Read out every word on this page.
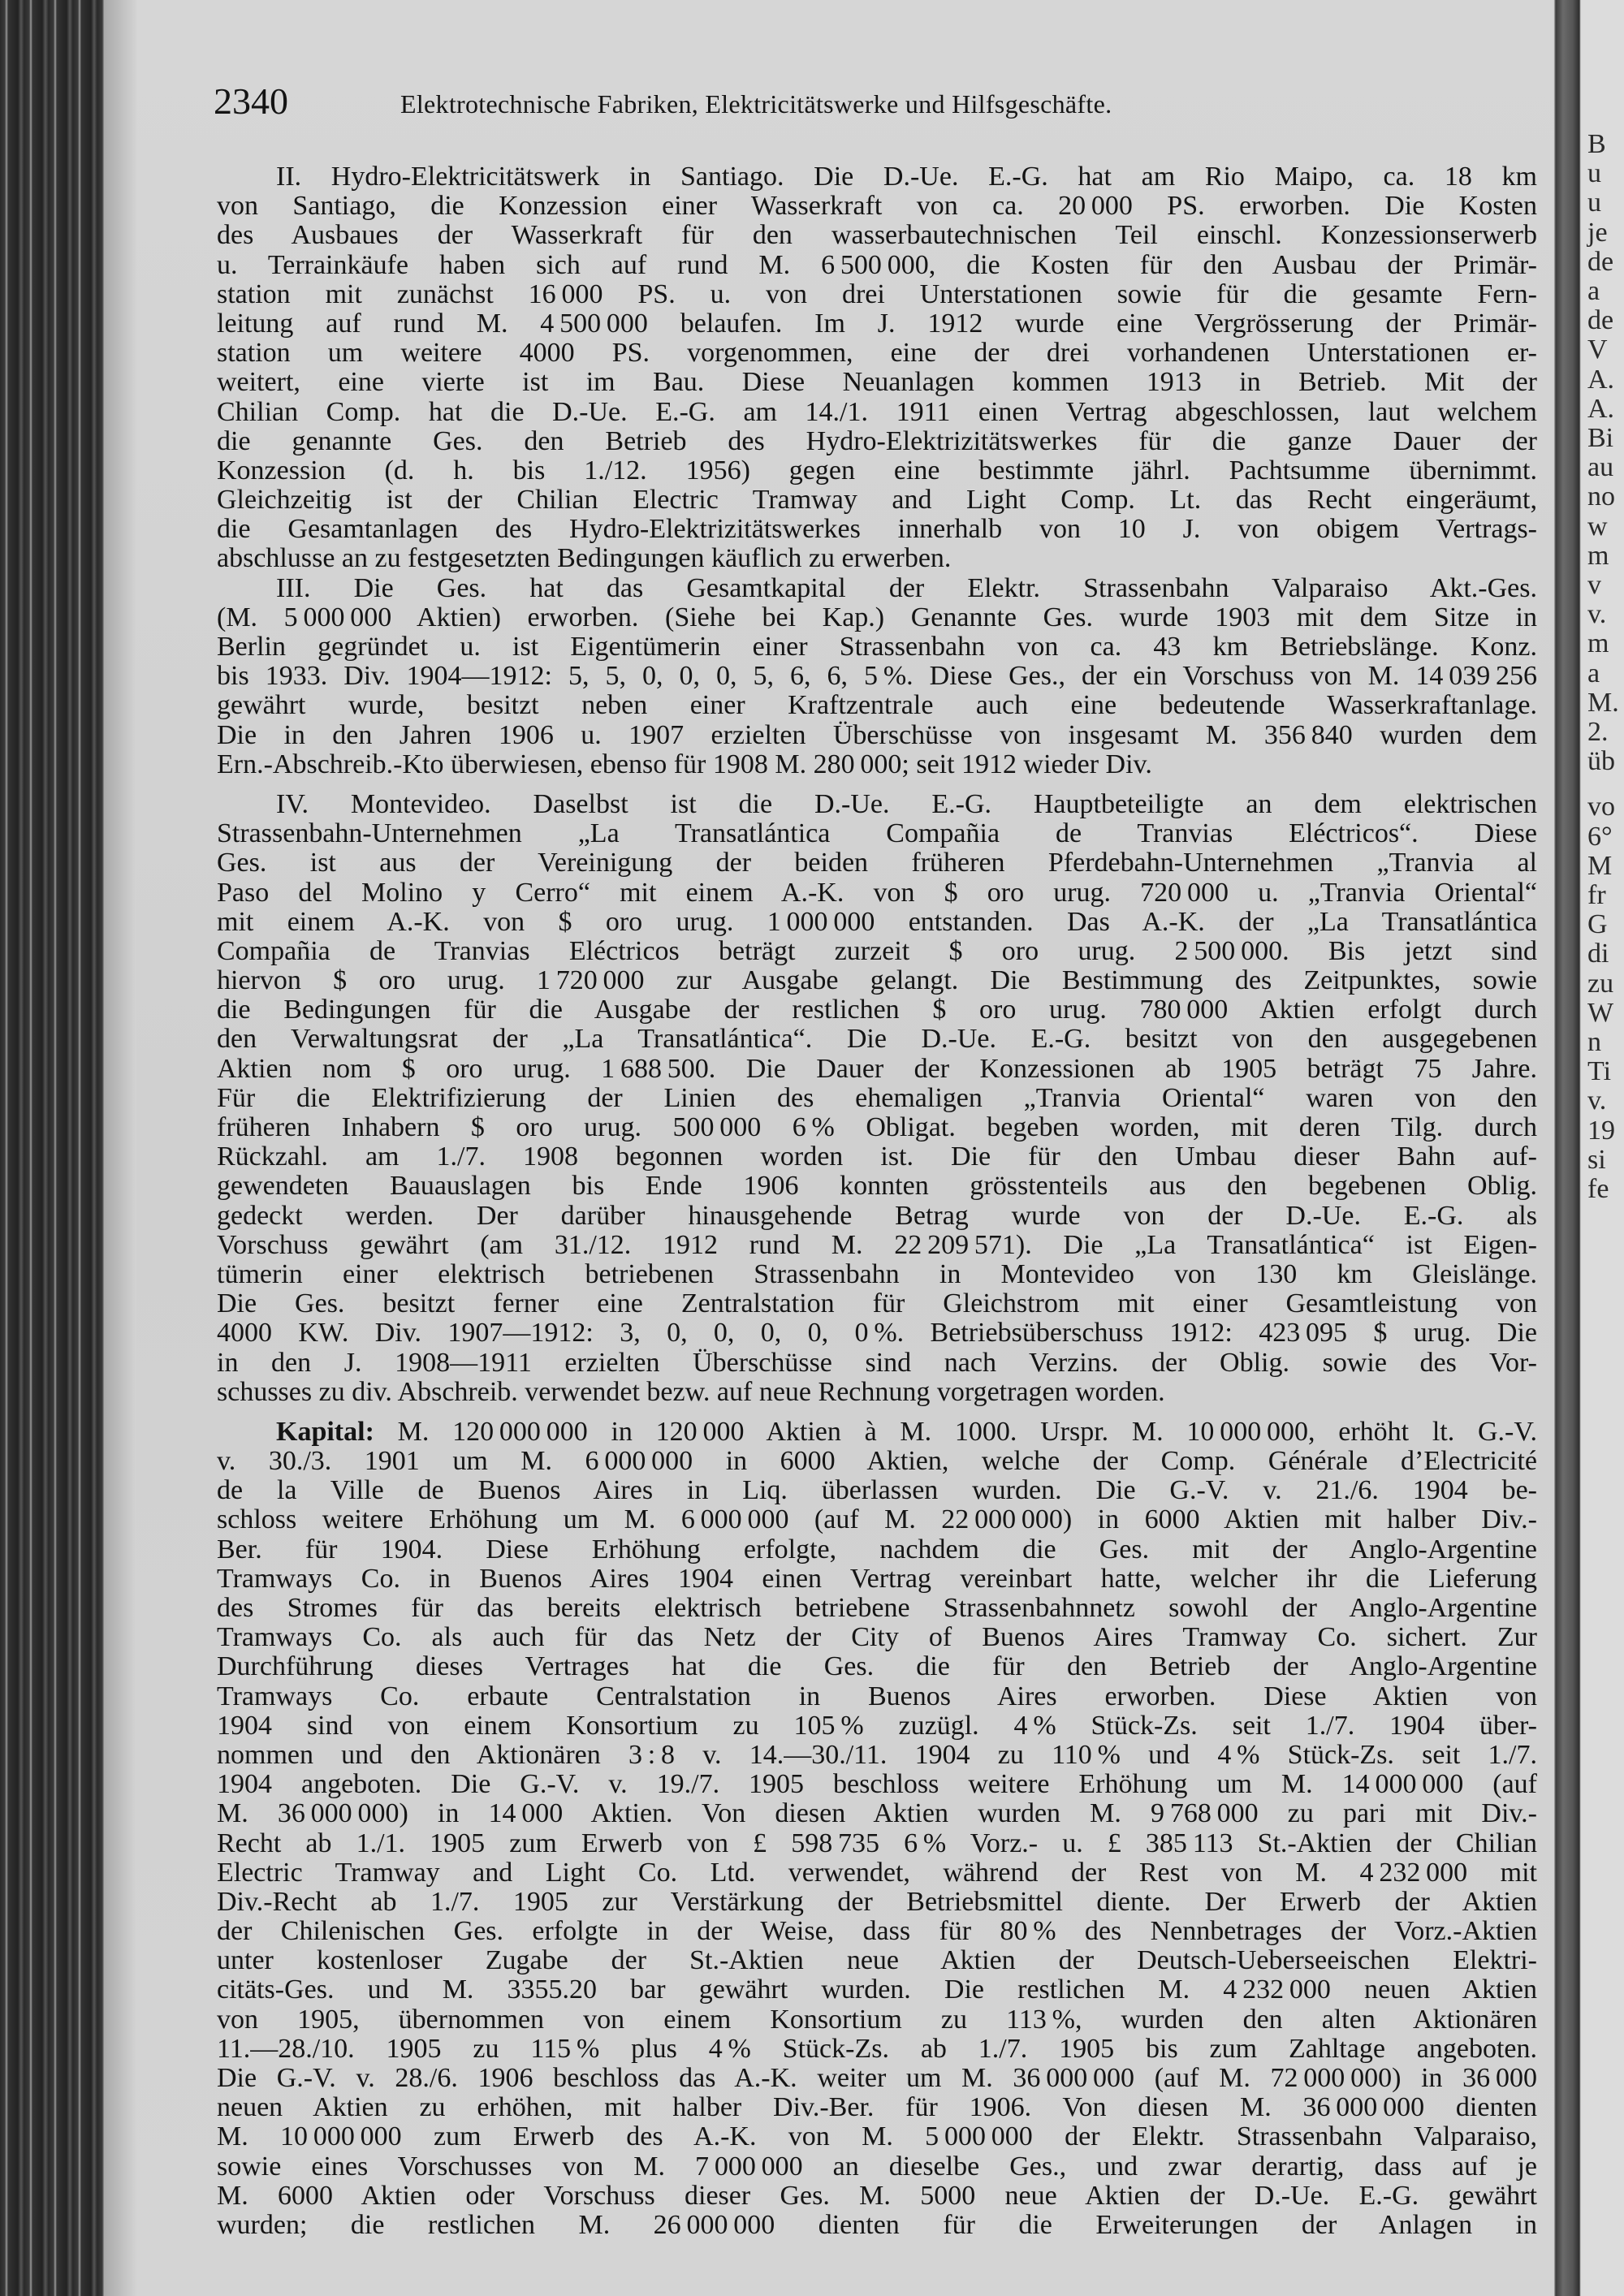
B
u
u
je
de
a
de
V
A.
A.
Bi
au
no
w
m
v
v.
m
a
M.
2.
üb
vo
6°
M
fr
G
di
zu
W
n
Ti
v.
19
si
fe
2340	Elektrotechnische Fabriken, Elektricitätswerke und Hilfsgeschäfte.
II. Hydro-Elektricitätswerk in Santiago. Die D.-Ue. E.-G. hat am Rio Maipo, ca. 18 km
von Santiago, die Konzession einer Wasserkraft von ca. 20 000 PS. erworben. Die Kosten
des Ausbaues der Wasserkraft für den wasserbautechnischen Teil einschl. Konzessionserwerb
u. Terrainkäufe haben sich auf rund M. 6 500 000, die Kosten für den Ausbau der Primär-
station mit zunächst 16 000 PS. u. von drei Unterstationen sowie für die gesamte Fern-
leitung auf rund M. 4 500 000 belaufen. Im J. 1912 wurde eine Vergrösserung der Primär-
station um weitere 4000 PS. vorgenommen, eine der drei vorhandenen Unterstationen er-
weitert, eine vierte ist im Bau. Diese Neuanlagen kommen 1913 in Betrieb. Mit der
Chilian Comp. hat die D.-Ue. E.-G. am 14./1. 1911 einen Vertrag abgeschlossen, laut welchem
die genannte Ges. den Betrieb des Hydro-Elektrizitätswerkes für die ganze Dauer der
Konzession (d. h. bis 1./12. 1956) gegen eine bestimmte jährl. Pachtsumme übernimmt.
Gleichzeitig ist der Chilian Electric Tramway and Light Comp. Lt. das Recht eingeräumt,
die Gesamtanlagen des Hydro-Elektrizitätswerkes innerhalb von 10 J. von obigem Vertrags-
abschlusse an zu festgesetzten Bedingungen käuflich zu erwerben.
III. Die Ges. hat das Gesamtkapital der Elektr. Strassenbahn Valparaiso Akt.-Ges.
(M. 5 000 000 Aktien) erworben. (Siehe bei Kap.) Genannte Ges. wurde 1903 mit dem Sitze in
Berlin gegründet u. ist Eigentümerin einer Strassenbahn von ca. 43 km Betriebslänge. Konz.
bis 1933. Div. 1904—1912: 5, 5, 0, 0, 0, 5, 6, 6, 5 %. Diese Ges., der ein Vorschuss von M. 14 039 256
gewährt wurde, besitzt neben einer Kraftzentrale auch eine bedeutende Wasserkraftanlage.
Die in den Jahren 1906 u. 1907 erzielten Überschüsse von insgesamt M. 356 840 wurden dem
Ern.-Abschreib.-Kto überwiesen, ebenso für 1908 M. 280 000; seit 1912 wieder Div.
IV. Montevideo. Daselbst ist die D.-Ue. E.-G. Hauptbeteiligte an dem elektrischen
Strassenbahn-Unternehmen „La Transatlántica Compañia de Tranvias Eléctricos“. Diese
Ges. ist aus der Vereinigung der beiden früheren Pferdebahn-Unternehmen „Tranvia al
Paso del Molino y Cerro“ mit einem A.-K. von $ oro urug. 720 000 u. „Tranvia Oriental“
mit einem A.-K. von $ oro urug. 1 000 000 entstanden. Das A.-K. der „La Transatlántica
Compañia de Tranvias Eléctricos beträgt zurzeit $ oro urug. 2 500 000. Bis jetzt sind
hiervon $ oro urug. 1 720 000 zur Ausgabe gelangt. Die Bestimmung des Zeitpunktes, sowie
die Bedingungen für die Ausgabe der restlichen $ oro urug. 780 000 Aktien erfolgt durch
den Verwaltungsrat der „La Transatlántica“. Die D.-Ue. E.-G. besitzt von den ausgegebenen
Aktien nom $ oro urug. 1 688 500. Die Dauer der Konzessionen ab 1905 beträgt 75 Jahre.
Für die Elektrifizierung der Linien des ehemaligen „Tranvia Oriental“ waren von den
früheren Inhabern $ oro urug. 500 000 6 % Obligat. begeben worden, mit deren Tilg. durch
Rückzahl. am 1./7. 1908 begonnen worden ist. Die für den Umbau dieser Bahn auf-
gewendeten Bauauslagen bis Ende 1906 konnten grösstenteils aus den begebenen Oblig.
gedeckt werden. Der darüber hinausgehende Betrag wurde von der D.-Ue. E.-G. als
Vorschuss gewährt (am 31./12. 1912 rund M. 22 209 571). Die „La Transatlántica“ ist Eigen-
tümerin einer elektrisch betriebenen Strassenbahn in Montevideo von 130 km Gleislänge.
Die Ges. besitzt ferner eine Zentralstation für Gleichstrom mit einer Gesamtleistung von
4000 KW. Div. 1907—1912: 3, 0, 0, 0, 0, 0 %. Betriebsüberschuss 1912: 423 095 $ urug. Die
in den J. 1908—1911 erzielten Überschüsse sind nach Verzins. der Oblig. sowie des Vor-
schusses zu div. Abschreib. verwendet bezw. auf neue Rechnung vorgetragen worden.
Kapital: M. 120 000 000 in 120 000 Aktien à M. 1000. Urspr. M. 10 000 000, erhöht lt. G.-V.
v. 30./3. 1901 um M. 6 000 000 in 6000 Aktien, welche der Comp. Générale d’Electricité
de la Ville de Buenos Aires in Liq. überlassen wurden. Die G.-V. v. 21./6. 1904 be-
schloss weitere Erhöhung um M. 6 000 000 (auf M. 22 000 000) in 6000 Aktien mit halber Div.-
Ber. für 1904. Diese Erhöhung erfolgte, nachdem die Ges. mit der Anglo-Argentine
Tramways Co. in Buenos Aires 1904 einen Vertrag vereinbart hatte, welcher ihr die Lieferung
des Stromes für das bereits elektrisch betriebene Strassenbahnnetz sowohl der Anglo-Argentine
Tramways Co. als auch für das Netz der City of Buenos Aires Tramway Co. sichert. Zur
Durchführung dieses Vertrages hat die Ges. die für den Betrieb der Anglo-Argentine
Tramways Co. erbaute Centralstation in Buenos Aires erworben. Diese Aktien von
1904 sind von einem Konsortium zu 105 % zuzügl. 4 % Stück-Zs. seit 1./7. 1904 über-
nommen und den Aktionären 3 : 8 v. 14.—30./11. 1904 zu 110 % und 4 % Stück-Zs. seit 1./7.
1904 angeboten. Die G.-V. v. 19./7. 1905 beschloss weitere Erhöhung um M. 14 000 000 (auf
M. 36 000 000) in 14 000 Aktien. Von diesen Aktien wurden M. 9 768 000 zu pari mit Div.-
Recht ab 1./1. 1905 zum Erwerb von £ 598 735 6 % Vorz.- u. £ 385 113 St.-Aktien der Chilian
Electric Tramway and Light Co. Ltd. verwendet, während der Rest von M. 4 232 000 mit
Div.-Recht ab 1./7. 1905 zur Verstärkung der Betriebsmittel diente. Der Erwerb der Aktien
der Chilenischen Ges. erfolgte in der Weise, dass für 80 % des Nennbetrages der Vorz.-Aktien
unter kostenloser Zugabe der St.-Aktien neue Aktien der Deutsch-Ueberseeischen Elektri-
citäts-Ges. und M. 3355.20 bar gewährt wurden. Die restlichen M. 4 232 000 neuen Aktien
von 1905, übernommen von einem Konsortium zu 113 %, wurden den alten Aktionären
11.—28./10. 1905 zu 115 % plus 4 % Stück-Zs. ab 1./7. 1905 bis zum Zahltage angeboten.
Die G.-V. v. 28./6. 1906 beschloss das A.-K. weiter um M. 36 000 000 (auf M. 72 000 000) in 36 000
neuen Aktien zu erhöhen, mit halber Div.-Ber. für 1906. Von diesen M. 36 000 000 dienten
M. 10 000 000 zum Erwerb des A.-K. von M. 5 000 000 der Elektr. Strassenbahn Valparaiso,
sowie eines Vorschusses von M. 7 000 000 an dieselbe Ges., und zwar derartig, dass auf je
M. 6000 Aktien oder Vorschuss dieser Ges. M. 5000 neue Aktien der D.-Ue. E.-G. gewährt
wurden; die restlichen M. 26 000 000 dienten für die Erweiterungen der Anlagen in
